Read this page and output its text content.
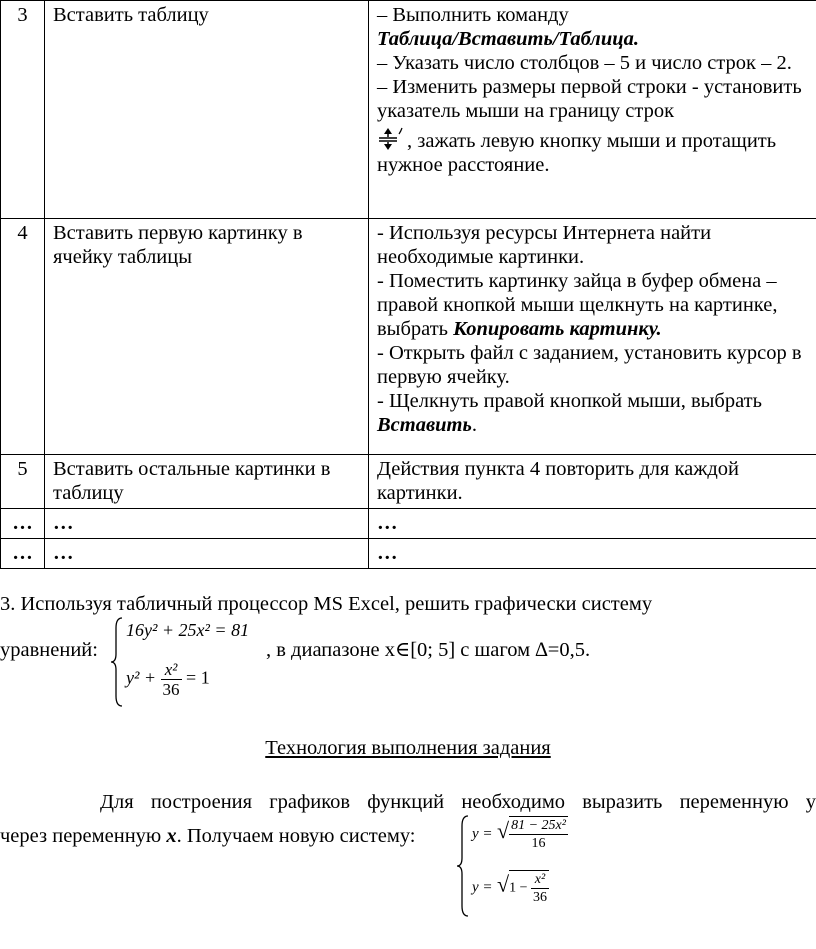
3	Вставить таблицу	– Выполнить команду
Таблица/Вставить/Таблица.
– Указать число столбцов – 5 и число строк – 2.
– Изменить размеры первой строки - установить указатель мыши на границу строк
, зажать левую кнопку мыши и протащить нужное расстояние.

4	Вставить первую картинку в ячейку таблицы	- Используя ресурсы Интернета найти необходимые картинки.
- Поместить картинку зайца в буфер обмена – правой кнопкой мыши щелкнуть на картинке, выбрать Копировать картинку.
- Открыть файл с заданием, установить курсор в первую ячейку.
- Щелкнуть правой кнопкой мыши, выбрать Вставить.

5	Вставить остальные картинки в таблицу	Действия пункта 4 повторить для каждой картинки.
…	…	…
…	…	…
3. Используя табличный процессор MS Excel, решить графически систему
уравнений:
16y² + 25x² = 81
$y^2 + \frac{\text{x²}}{36} = 1$
, в диапазоне x∈[0; 5] с шагом ∆=0,5.
Технология выполнения задания
Для построения графиков функций необходимо выразить переменную y
через переменную x. Получаем новую систему:	y = √ $\frac{\text{81 − 25x²}}{16}$
$y = √1 - \frac{\text{x²}}{36}$
